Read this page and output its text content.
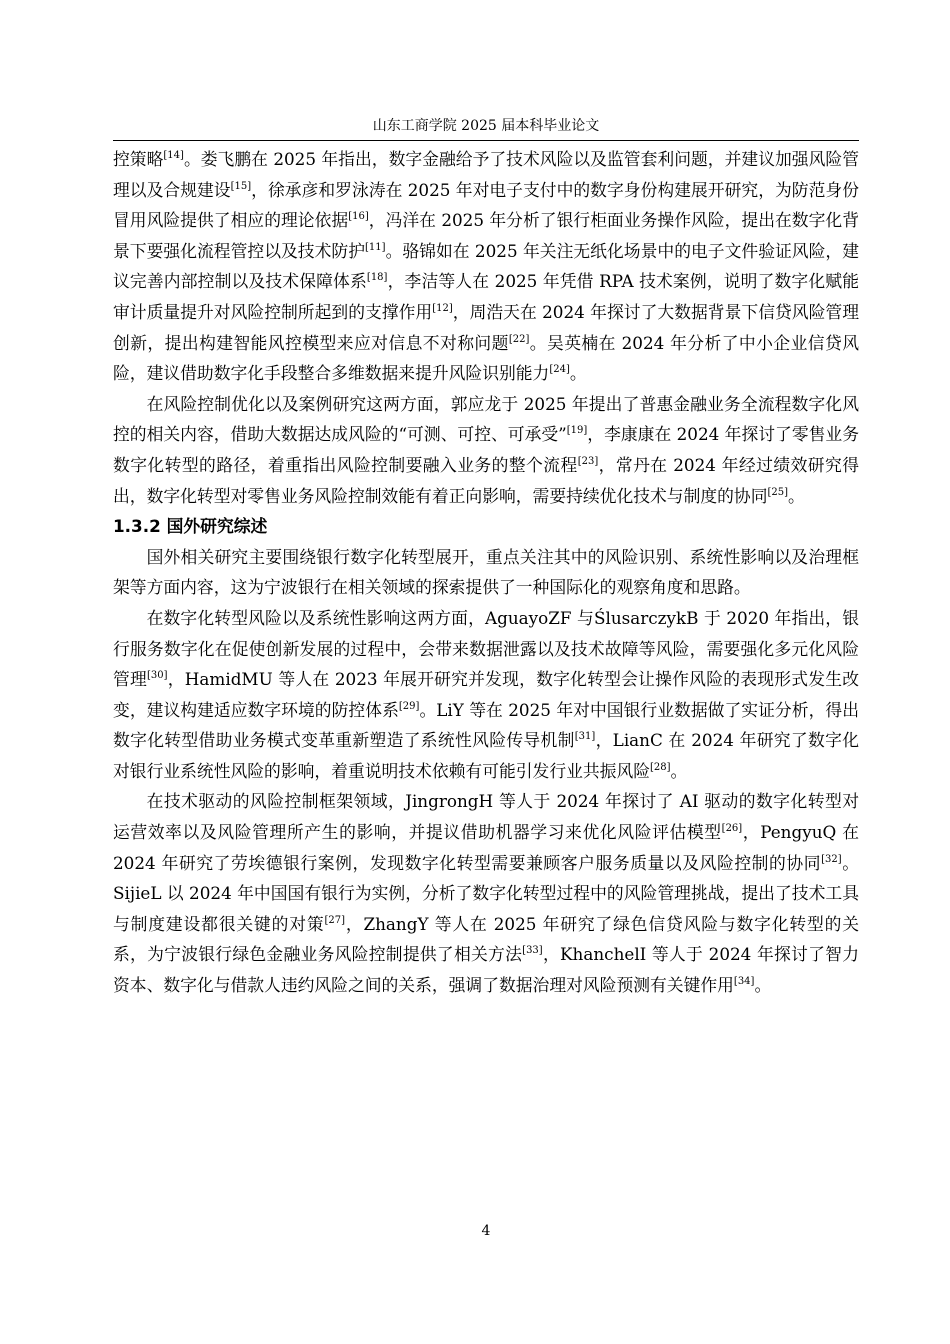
山东工商学院 2025 届本科毕业论文

控策略[14]。娄飞鹏在 2025 年指出，数字金融给予了技术风险以及监管套利问题，并建议加强风险管理以及合规建设[15]，徐承彦和罗泳涛在 2025 年对电子支付中的数字身份构建展开研究，为防范身份冒用风险提供了相应的理论依据[16]，冯洋在 2025 年分析了银行柜面业务操作风险，提出在数字化背景下要强化流程管控以及技术防护[11]。骆锦如在 2025 年关注无纸化场景中的电子文件验证风险，建议完善内部控制以及技术保障体系[18]，李洁等人在 2025 年凭借 RPA 技术案例，说明了数字化赋能审计质量提升对风险控制所起到的支撑作用[12]，周浩天在 2024 年探讨了大数据背景下信贷风险管理创新，提出构建智能风控模型来应对信息不对称问题[22]。吴英楠在 2024 年分析了中小企业信贷风险，建议借助数字化手段整合多维数据来提升风险识别能力[24]。

在风险控制优化以及案例研究这两方面，郭应龙于 2025 年提出了普惠金融业务全流程数字化风控的相关内容，借助大数据达成风险的“可测、可控、可承受”[19]，李康康在 2024 年探讨了零售业务数字化转型的路径，着重指出风险控制要融入业务的整个流程[23]，常丹在 2024 年经过绩效研究得出，数字化转型对零售业务风险控制效能有着正向影响，需要持续优化技术与制度的协同[25]。

1.3.2 国外研究综述

国外相关研究主要围绕银行数字化转型展开，重点关注其中的风险识别、系统性影响以及治理框架等方面内容，这为宁波银行在相关领域的探索提供了一种国际化的观察角度和思路。

在数字化转型风险以及系统性影响这两方面，AguayoZF 与ŚlusarczykB 于 2020 年指出，银行服务数字化在促使创新发展的过程中，会带来数据泄露以及技术故障等风险，需要强化多元化风险管理[30]，HamidMU 等人在 2023 年展开研究并发现，数字化转型会让操作风险的表现形式发生改变，建议构建适应数字环境的防控体系[29]。LiY 等在 2025 年对中国银行业数据做了实证分析，得出数字化转型借助业务模式变革重新塑造了系统性风险传导机制[31]，LianC 在 2024 年研究了数字化对银行业系统性风险的影响，着重说明技术依赖有可能引发行业共振风险[28]。

在技术驱动的风险控制框架领域，JingrongH 等人于 2024 年探讨了 AI 驱动的数字化转型对运营效率以及风险管理所产生的影响，并提议借助机器学习来优化风险评估模型[26]，PengyuQ 在 2024 年研究了劳埃德银行案例，发现数字化转型需要兼顾客户服务质量以及风险控制的协同[32]。SijieL 以 2024 年中国国有银行为实例，分析了数字化转型过程中的风险管理挑战，提出了技术工具与制度建设都很关键的对策[27]，ZhangY 等人在 2025 年研究了绿色信贷风险与数字化转型的关系，为宁波银行绿色金融业务风险控制提供了相关方法[33]，KhanchelI 等人于 2024 年探讨了智力资本、数字化与借款人违约风险之间的关系，强调了数据治理对风险预测有关键作用[34]。

4
